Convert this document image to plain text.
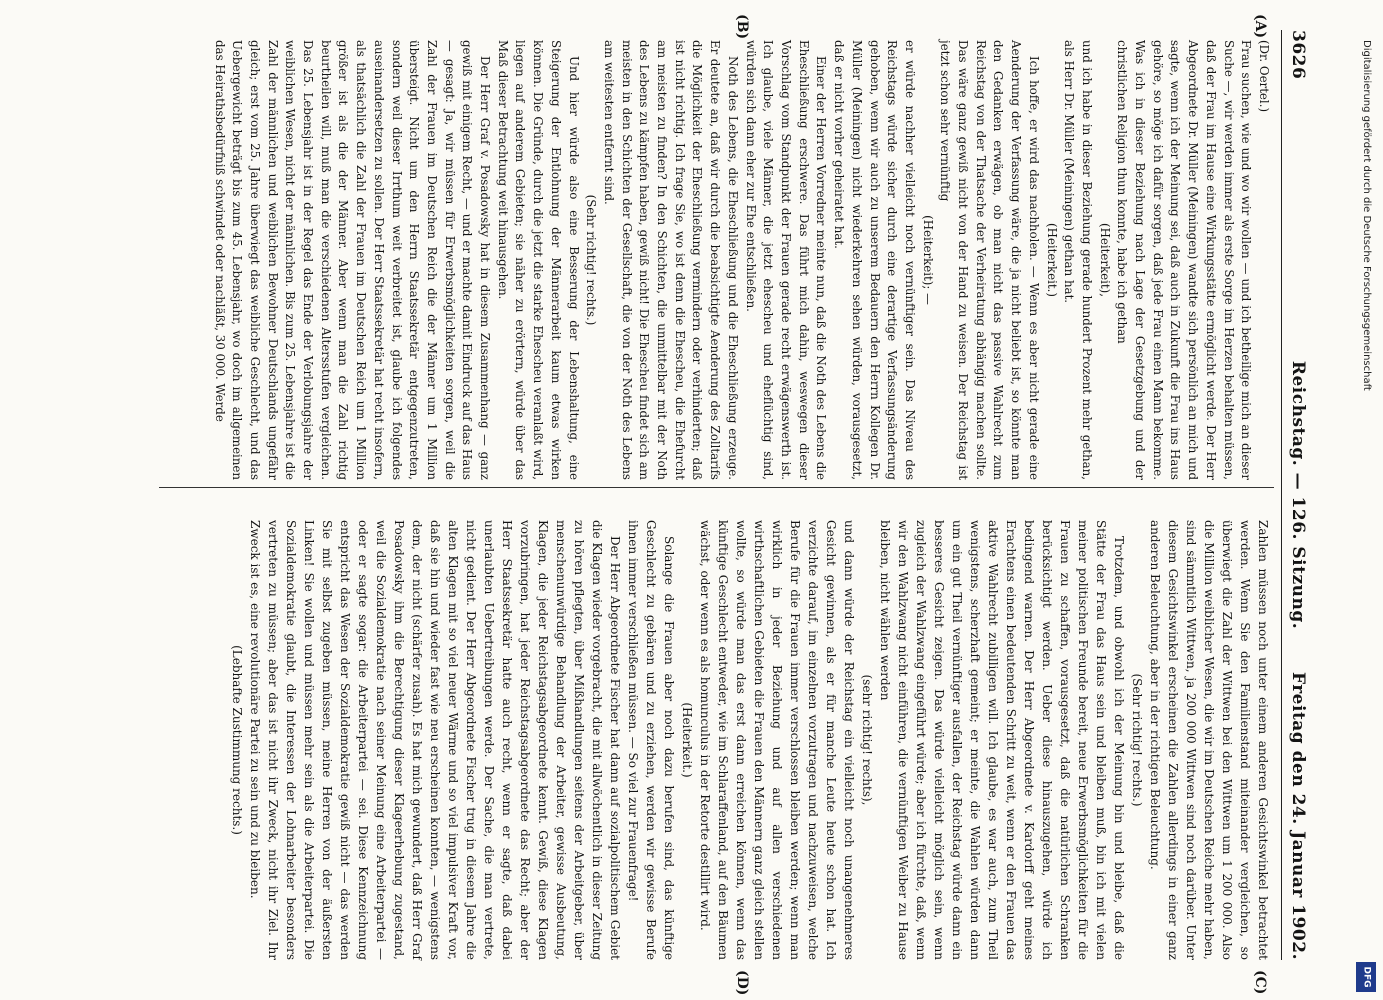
3626
Reichstag. — 126. Sitzung.
Freitag den 24. Januar 1902.
(A)
(B)
(C)
(D)

(Dr. Oertel.)

Frau suchen, wie und wo wir wollen — und ich betheilige mich an dieser Suche —, wir werden immer als erste Sorge im Herzen behalten müssen, daß der Frau im Hause eine Wirkungsstätte ermöglicht werde. Der Herr Abgeordnete Dr. Müller (Meiningen) wandte sich persönlich an mich und sagte, wenn ich der Meinung sei, daß auch in Zukunft die Frau ins Haus gehöre, so möge ich dafür sorgen, daß jede Frau einen Mann bekomme. Was ich in dieser Beziehung nach Lage der Gesetzgebung und der christlichen Religion thun konnte, habe ich gethan

(Heiterkeit),

und ich habe in dieser Beziehung gerade hundert Prozent mehr gethan, als Herr Dr. Müller (Meiningen) gethan hat.

(Heiterkeit.)

Ich hoffe, er wird das nachholen. — Wenn es aber nicht gerade eine Aenderung der Verfassung wäre, die ja nicht beliebt ist, so könnte man den Gedanken erwägen, ob man nicht das passive Wahlrecht zum Reichstag von der Thatsache der Verheiratung abhängig machen sollte. Das wäre ganz gewiß nicht von der Hand zu weisen. Der Reichstag ist jetzt schon sehr vernünftig

(Heiterkeit); —

er würde nachher vielleicht noch vernünftiger sein. Das Niveau des Reichstags würde sicher durch eine derartige Verfassungsänderung gehoben, wenn wir auch zu unserem Bedauern den Herrn Kollegen Dr. Müller (Meiningen) nicht wiederkehren sehen würden, vorausgesetzt, daß er nicht vorher geheiratet hat.

Einer der Herren Vorredner meinte nun, daß die Noth des Lebens die Eheschließung erschwere. Das führt mich dahin, weswegen dieser Vorschlag vom Standpunkt der Frauen gerade recht erwägenswerth ist. Ich glaube, viele Männer, die jetzt ehescheu und eheflüchtig sind, würden sich dann eher zur Ehe entschließen.

Noth des Lebens, die Eheschließung und die Eheschließung erzeuge. Er deutete an, daß wir durch die beabsichtigte Aenderung des Zolltarifs die Möglichkeit der Eheschließung vermindern oder verhinderten; daß ist nicht richtig. Ich frage Sie, wo ist denn die Ehescheu, die Ehefurcht am meisten zu finden? In den Schichten, die unmittelbar mit der Noth des Lebens zu kämpfen haben, gewiß nicht! Die Ehescheu findet sich am meisten in den Schichten der Gesellschaft, die von der Noth des Lebens am weitesten entfernt sind.

(Sehr richtig! rechts.)

Und hier würde also eine Besserung der Lebenshaltung, eine Steigerung der Entlohnung der Männerarbeit kaum etwas wirken können. Die Gründe, durch die jetzt die starke Ehescheu veranlaßt wird, liegen auf anderem Gebieten; sie näher zu erörtern, würde über das Maß dieser Betrachtung weit hinausgehen.

Der Herr Graf v. Posadowsky hat in diesem Zusammenhang — ganz gewiß mit einigem Recht, — und er machte damit Eindruck auf das Haus — gesagt: Ja, wir müssen für Erwerbsmöglichkeiten sorgen, weil die Zahl der Frauen im Deutschen Reich die der Männer um 1 Million übersteigt. Nicht um den Herrn Staatssekretär entgegenzutreten, sondern weil dieser Irrthum weit verbreitet ist, glaube ich folgendes auseinandersetzen zu sollen. Der Herr Staatssekretär hat recht insofern, als thatsächlich die Zahl der Frauen im Deutschen Reich um 1 Million größer ist als die der Männer. Aber wenn man die Zahl richtig beurtheilen will, muß man die verschiedenen Altersstufen vergleichen. Das 25. Lebensjahr ist in der Regel das Ende der Verlobungsjahre der weiblichen Wesen, nicht der männlichen. Bis zum 25. Lebensjahre ist die Zahl der männlichen und weiblichen Bewohner Deutschlands ungefähr gleich; erst vom 25. Jahre überwiegt das weibliche Geschlecht, und das Uebergewicht beträgt bis zum 45. Lebensjahr, wo doch im allgemeinen das Heirathsbedürfniß schwindet oder nachläßt, 30 000. Werde

Zahlen müssen noch unter einem anderen Gesichtswinkel betrachtet werden. Wenn Sie den Familienstand miteinander vergleichen, so überwiegt die Zahl der Wittwen bei den Wittwen um 1 200 000. Also die Million weiblicher Wesen, die wir im Deutschen Reiche mehr haben, sind sämmtlich Wittwen, ja 200 000 Wittwen sind noch darüber. Unter diesem Gesichtswinkel erscheinen die Zahlen allerdings in einer ganz anderen Beleuchtung, aber in der richtigen Beleuchtung.

(Sehr richtig! rechts.)

Trotzdem, und obwohl ich der Meinung bin und bleibe, daß die Stätte der Frau das Haus sein und bleiben muß, bin ich mit vielen meiner politischen Freunde bereit, neue Erwerbsmöglichkeiten für die Frauen zu schaffen, vorausgesetzt, daß die natürlichen Schranken berücksichtigt werden. Ueber diese hinauszugehen, würde ich bedingend warnen. Der Herr Abgeordnete v. Kardorff geht meines Erachtens einen bedeutenden Schritt zu weit, wenn er den Frauen das aktive Wahlrecht zubilligen will. Ich glaube, es war auch, zum Theil wenigstens, scherzhaft gemeint; er meinte, die Wahlen würden dann um ein gut Theil vernünftiger ausfallen, der Reichstag würde dann ein besseres Gesicht zeigen. Das würde vielleicht möglich sein, wenn zugleich der Wahlzwang eingeführt würde; aber ich fürchte, daß, wenn wir den Wahlzwang nicht einführen, die vernünftigen Weiber zu Hause bleiben, nicht wählen werden

(sehr richtig! rechts),

und dann würde der Reichstag ein vielleicht noch unangenehmeres Gesicht gewinnen, als er für manche Leute heute schon hat. Ich verzichte darauf, im einzelnen vorzutragen und nachzuweisen, welche Berufe für die Frauen immer verschlossen bleiben werden; wenn man wirklich in jeder Beziehung und auf allen verschiedenen wirthschaftlichen Gebieten die Frauen den Männern ganz gleich stellen wollte, so würde man das erst dann erreichen können, wenn das künftige Geschlecht entweder, wie im Schlaraffenland, auf den Bäumen wächst, oder wenn es als homunculus in der Retorte destillirt wird.

(Heiterkeit.)

Solange die Frauen aber noch dazu berufen sind, das künftige Geschlecht zu gebären und zu erziehen, werden wir gewisse Berufe ihnen immer verschließen müssen. — So viel zur Frauenfrage!

Der Herr Abgeordnete Fischer hat dann auf sozialpolitischem Gebiet die Klagen wieder vorgebracht, die mit allwöchentlich in dieser Zeitung zu hören pflegten, über Mißhandlungen seitens der Arbeitgeber, über menschenunwürdige Behandlung der Arbeiter, gewisse Ausbeutung, Klagen, die jeder Reichstagsabgeordnete kennt. Gewiß, diese Klagen vorzubringen, hat jeder Reichstagsabgeordnete das Recht; aber der Herr Staatssekretär hatte auch recht, wenn er sagte, daß dabei unerlaubten Uebertreibungen werde. Der Sache, die man vertrete, nicht gedient. Der Herr Abgeordnete Fischer trug in diesem Jahre die alten Klagen mit so viel neuer Wärme und so viel impulsiver Kraft vor, daß sie hin und wieder fast wie neu erscheinen konnten, — wenigstens dem, der nicht (schärfer zusah). Es hat mich gewundert, daß Herr Graf Posadowsky ihm die Berechtigung dieser Klageerhebung zugestand, weil die Sozialdemokratie nach seiner Meinung eine Arbeiterpartei — oder er sagte sogar: die Arbeiterpartei — sei. Diese Kennzeichnung entspricht das Wesen der Sozialdemokratie gewiß nicht — das werden Sie mit selbst zugeben müssen, meine Herren von der äußersten Linken! Sie wollen und müssen mehr sein als die Arbeiterpartei. Die Sozialdemokratie glaubt, die Interessen der Lohnarbeiter besonders vertreten zu müssen; aber das ist nicht ihr Zweck, nicht ihr Ziel. Ihr Zweck ist es, eine revolutionäre Partei zu sein und zu bleiben.

(Lebhafte Zustimmung rechts.)

Digitalisierung gefördert durch die Deutsche Forschungsgemeinschaft
DFG
